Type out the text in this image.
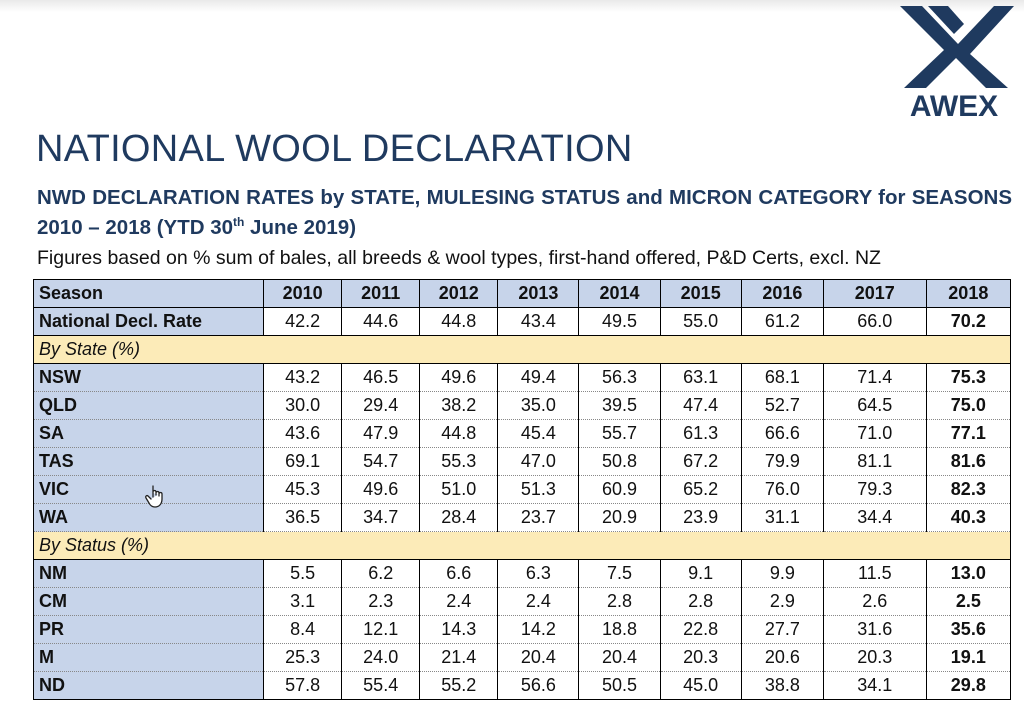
AWEX
NATIONAL WOOL DECLARATION
NWD DECLARATION RATES by STATE, MULESING STATUS and MICRON CATEGORY for SEASONS 2010 – 2018 (YTD 30th June 2019)
Figures based on % sum of bales, all breeds & wool types, first-hand offered, P&D Certs, excl. NZ
Season	2010	2011	2012	2013	2014	2015	2016	2017	2018
National Decl. Rate	42.2	44.6	44.8	43.4	49.5	55.0	61.2	66.0	70.2
By State (%)									
NSW	43.2	46.5	49.6	49.4	56.3	63.1	68.1	71.4	75.3
QLD	30.0	29.4	38.2	35.0	39.5	47.4	52.7	64.5	75.0
SA	43.6	47.9	44.8	45.4	55.7	61.3	66.6	71.0	77.1
TAS	69.1	54.7	55.3	47.0	50.8	67.2	79.9	81.1	81.6
VIC	45.3	49.6	51.0	51.3	60.9	65.2	76.0	79.3	82.3
WA	36.5	34.7	28.4	23.7	20.9	23.9	31.1	34.4	40.3
By Status (%)									
NM	5.5	6.2	6.6	6.3	7.5	9.1	9.9	11.5	13.0
CM	3.1	2.3	2.4	2.4	2.8	2.8	2.9	2.6	2.5
PR	8.4	12.1	14.3	14.2	18.8	22.8	27.7	31.6	35.6
M	25.3	24.0	21.4	20.4	20.4	20.3	20.6	20.3	19.1
ND	57.8	55.4	55.2	56.6	50.5	45.0	38.8	34.1	29.8
